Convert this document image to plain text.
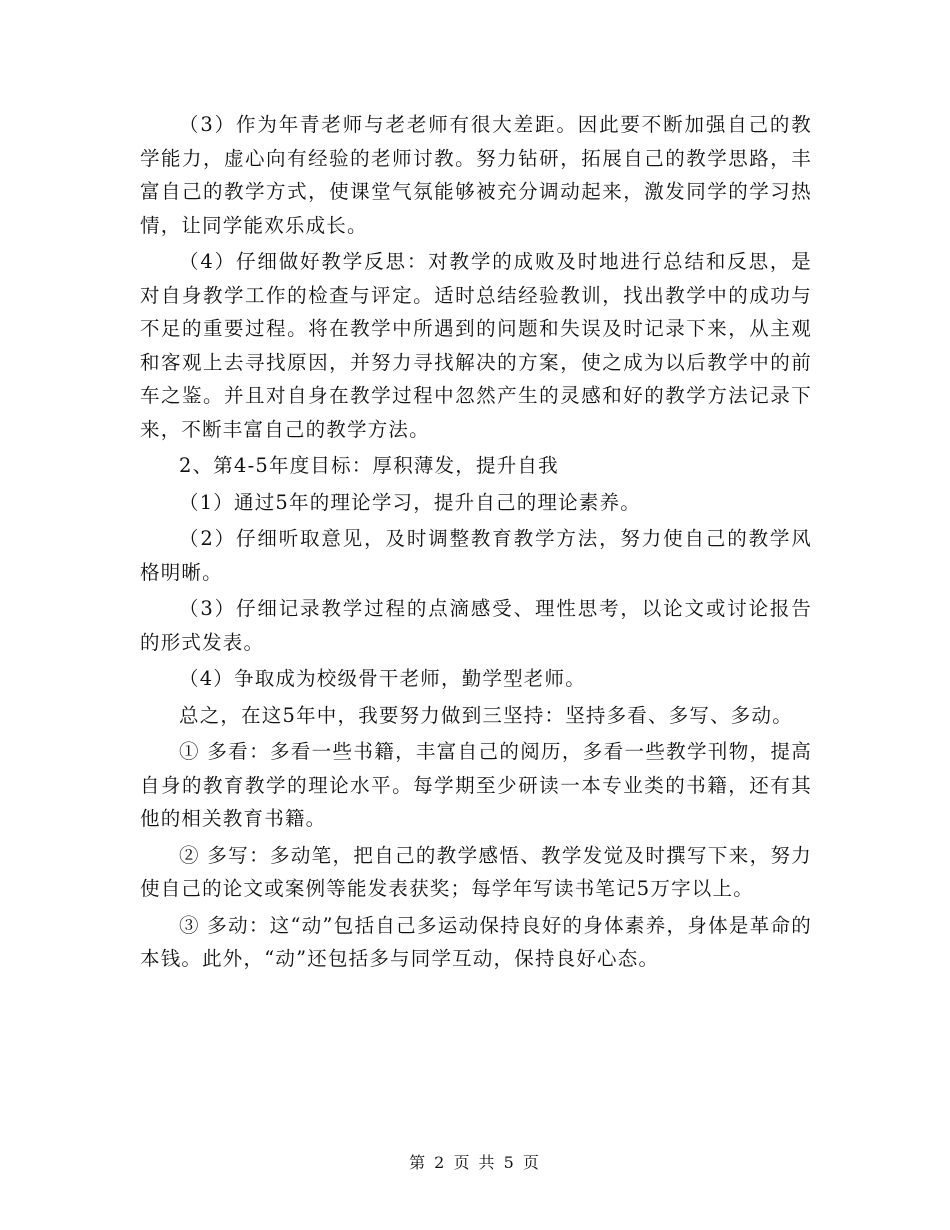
（3）作为年青老师与老老师有很大差距。因此要不断加强自己的教学能力，虚心向有经验的老师讨教。努力钻研，拓展自己的教学思路，丰富自己的教学方式，使课堂气氛能够被充分调动起来，激发同学的学习热情，让同学能欢乐成长。

（4）仔细做好教学反思：对教学的成败及时地进行总结和反思，是对自身教学工作的检查与评定。适时总结经验教训，找出教学中的成功与不足的重要过程。将在教学中所遇到的问题和失误及时记录下来，从主观和客观上去寻找原因，并努力寻找解决的方案，使之成为以后教学中的前车之鉴。并且对自身在教学过程中忽然产生的灵感和好的教学方法记录下来，不断丰富自己的教学方法。

2、第4-5年度目标：厚积薄发，提升自我

（1）通过5年的理论学习，提升自己的理论素养。

（2）仔细听取意见，及时调整教育教学方法，努力使自己的教学风格明晰。

（3）仔细记录教学过程的点滴感受、理性思考，以论文或讨论报告的形式发表。

（4）争取成为校级骨干老师，勤学型老师。

总之，在这5年中，我要努力做到三坚持：坚持多看、多写、多动。

① 多看：多看一些书籍，丰富自己的阅历，多看一些教学刊物，提高自身的教育教学的理论水平。每学期至少研读一本专业类的书籍，还有其他的相关教育书籍。

② 多写：多动笔，把自己的教学感悟、教学发觉及时撰写下来，努力使自己的论文或案例等能发表获奖；每学年写读书笔记5万字以上。

③ 多动：这“动”包括自己多运动保持良好的身体素养，身体是革命的本钱。此外，“动”还包括多与同学互动，保持良好心态。

第 2 页 共 5 页
